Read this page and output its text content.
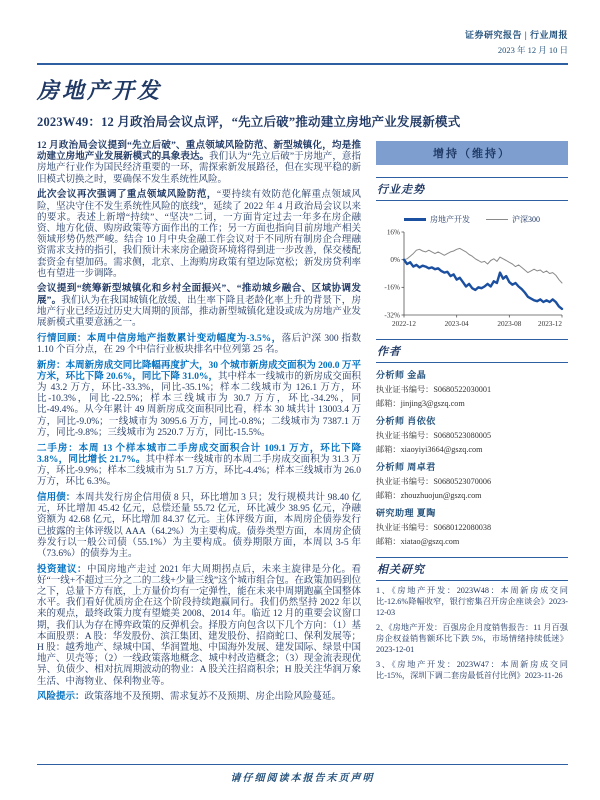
证券研究报告 | 行业周报
2023 年 12 月 10 日
房地产开发
2023W49：12 月政治局会议点评，“先立后破”推动建立房地产业发展新模式

12 月政治局会议提到“先立后破”、重点领域风险防范、新型城镇化，均是推动建立房地产业发展新模式的具象表达。我们认为“先立后破”于房地产，意指房地产行业作为国民经济重要的一环，需探索新发展路径，但在实现平稳的新旧模式切换之时，要确保不发生系统性风险。

此次会议再次强调了重点领域风险防范，“要持续有效防范化解重点领域风险，坚决守住不发生系统性风险的底线”，延续了 2022 年 4 月政治局会议以来的要求。表述上新增“持续”、“坚决”二词，一方面肯定过去一年多在房企融资、地方化债、购房政策等方面作出的工作；另一方面也指向目前房地产相关领域形势仍然严峻。结合 10 月中央金融工作会议对于不同所有制房企合理融资需求支持的指引，我们预计未来房企融资环境将得到进一步改善，保交楼配套资金有望加码。需求侧，北京、上海购房政策有望边际宽松；新发房贷利率也有望进一步调降。

会议提到“统筹新型城镇化和乡村全面振兴”、“推动城乡融合、区域协调发展”。我们认为在我国城镇化放缓、出生率下降且老龄化率上升的背景下，房地产行业已经迈过历史大周期的顶部，推动新型城镇化建设或成为房地产业发展新模式重要意涵之一。

行情回顾：本周中信房地产指数累计变动幅度为-3.5%，落后沪深 300 指数 1.10 个百分点，在 29 个中信行业板块排名中位列第 25 名。

新房：本周新房成交同比降幅再度扩大，30 个城市新房成交面积为 200.0 万平方米，环比下降 20.6%，同比下降 31.0%，其中样本一线城市的新房成交面积为 43.2 万方，环比-33.3%，同比-35.1%；样本二线城市为 126.1 万方，环比-10.3%，同比-22.5%；样本三线城市为 30.7 万方，环比-34.2%，同比-49.4%。从今年累计 49 周新房成交面积同比看，样本 30 城共计 13003.4 万方，同比-9.0%；一线城市为 3095.6 万方，同比-0.8%；二线城市为 7387.1 万方，同比-9.8%；三线城市为 2520.7 万方，同比-15.5%。

二手房：本周 13 个样本城市二手房成交面积合计 109.1 万方，环比下降 3.8%，同比增长 21.7%。其中样本一线城市的本周二手房成交面积为 31.3 万方，环比-9.9%；样本二线城市为 51.7 万方，环比-4.4%；样本三线城市为 26.0 万方，环比 6.3%。

信用债：本周共发行房企信用债 8 只，环比增加 3 只；发行规模共计 98.40 亿元，环比增加 45.42 亿元，总偿还量 55.72 亿元，环比减少 38.95 亿元，净融资额为 42.68 亿元，环比增加 84.37 亿元。主体评级方面，本周房企债券发行已披露的主体评级以 AAA（64.2%）为主要构成。债券类型方面，本周房企债券发行以一般公司债（55.1%）为主要构成。债券期限方面，本周以 3-5 年（73.6%）的债券为主。

投资建议：中国房地产走过 2021 年大周期拐点后，未来主旋律是分化。看好“一线+不超过三分之二的二线+少量三线”这个城市组合包。在政策加码到位之下，总量下方有底，上方量价均有一定弹性，能在未来中周期跑赢全国整体水平。我们看好优质房企在这个阶段持续跑赢同行。我们仍然坚持 2022 年以来的观点，最终政策力度有望媲美 2008、2014 年。临近 12 月的重要会议窗口期，我们认为存在博弈政策的反弹机会。择股方向包含以下几个方向：（1）基本面股票：A 股：华发股份、滨江集团、建发股份、招商蛇口、保利发展等；H 股：越秀地产、绿城中国、华润置地、中国海外发展、建发国际、绿景中国地产、贝壳等；（2）一线政策落地概念、城中村改造概念；（3）现金流表现优异、负债少、相对抗周期波动的物业：A 股关注招商积余；H 股关注华润万象生活、中海物业、保利物业等。

风险提示：政策落地不及预期、需求复苏不及预期、房企出险风险蔓延。

增持（维持）
行业走势
房地产开发	沪深300
16%
0%
-16%
-32%
2022-12	2023-04	2023-08 2023-12
作者
分析师 金晶
执业证书编号：S0680522030001
邮箱：jinjing3@gszq.com
分析师 肖依依
执业证书编号：S0680523080005
邮箱：xiaoyiyi3664@gszq.com
分析师 周卓君
执业证书编号：S0680523070006
邮箱：zhouzhuojun@gszq.com
研究助理 夏陶
执业证书编号：S0680122080038
邮箱：xiatao@gszq.com
相关研究
1、《房地产开发：2023W48：本周新房成交同比-12.6%降幅收窄，银行密集召开房企座谈会》2023-12-03
2、《房地产开发：百强房企月度销售报告：11 月百强房企权益销售额环比下跌 5%，市场情绪持续低迷》2023-12-01
3、《房地产开发：2023W47：本周新房成交同比-15%，深圳下调二套房最低首付比例》2023-11-26
请仔细阅读本报告末页声明
